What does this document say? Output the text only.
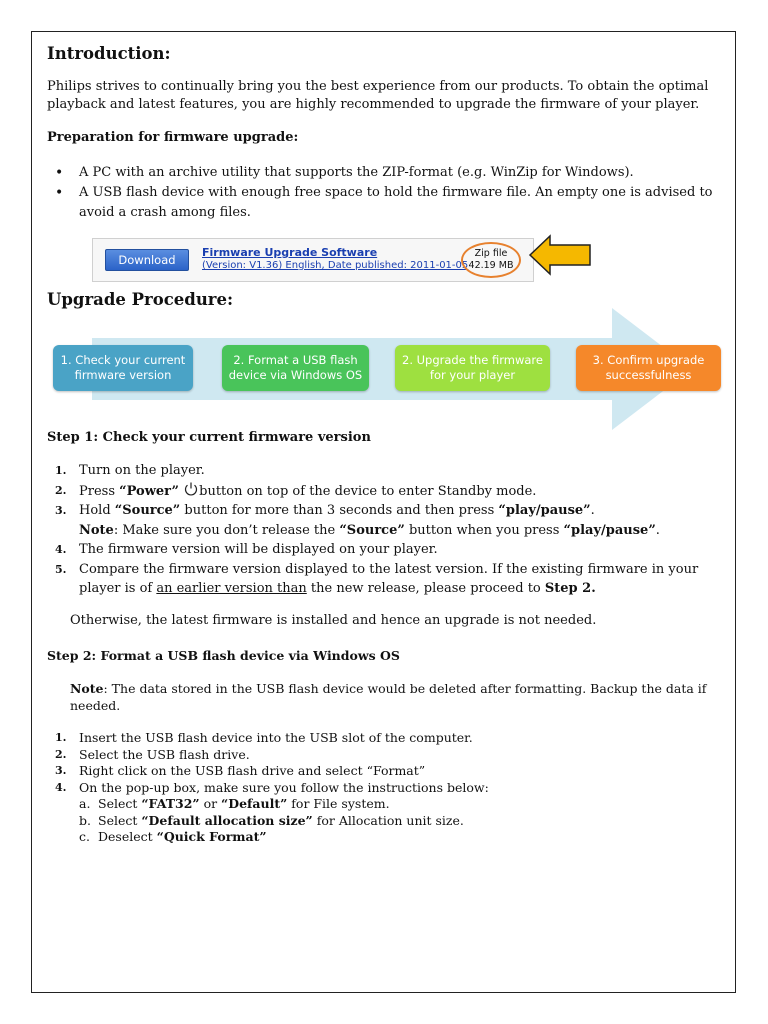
Introduction:
Philips strives to continually bring you the best experience from our products. To obtain the optimal playback and latest features, you are highly recommended to upgrade the firmware of your player.
Preparation for firmware upgrade:
• A PC with an archive utility that supports the ZIP-format (e.g. WinZip for Windows).
• A USB flash device with enough free space to hold the firmware file. An empty one is advised to avoid a crash among files.
Download
Firmware Upgrade Software
(Version: V1.36) English, Date published: 2011-01-05
Zip file
42.19 MB
Upgrade Procedure:
1. Check your current firmware version
2. Format a USB flash device via Windows OS
2. Upgrade the firmware for your player
3. Confirm upgrade successfulness
Step 1: Check your current firmware version
1. Turn on the player.
2. Press “Power” button on top of the device to enter Standby mode.
3. Hold “Source” button for more than 3 seconds and then press “play/pause”.
Note: Make sure you don’t release the “Source” button when you press “play/pause”.
4. The firmware version will be displayed on your player.
5. Compare the firmware version displayed to the latest version. If the existing firmware in your player is of an earlier version than the new release, please proceed to Step 2.
Otherwise, the latest firmware is installed and hence an upgrade is not needed.
Step 2: Format a USB flash device via Windows OS
Note: The data stored in the USB flash device would be deleted after formatting. Backup the data if needed.
1. Insert the USB flash device into the USB slot of the computer.
2. Select the USB flash drive.
3. Right click on the USB flash drive and select “Format”
4. On the pop-up box, make sure you follow the instructions below:
a. Select “FAT32” or “Default” for File system.
b. Select “Default allocation size” for Allocation unit size.
c. Deselect “Quick Format”
